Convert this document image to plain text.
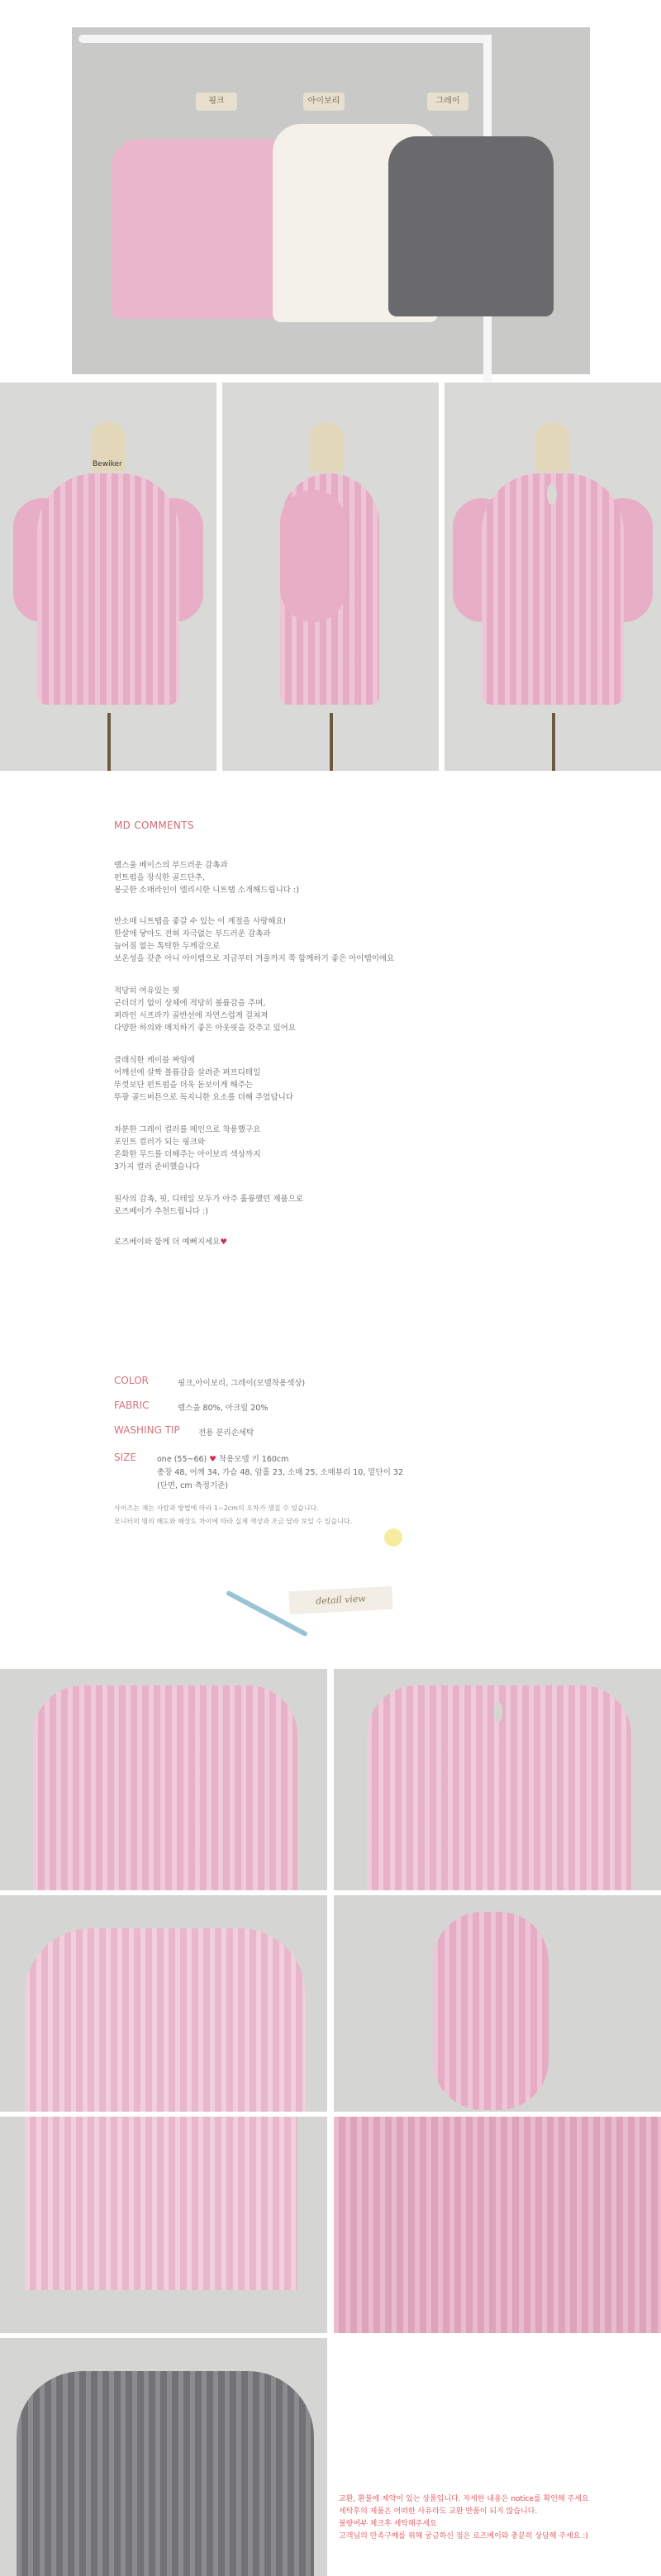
핑크	아이보리	그레이
Bewiker
MD COMMENTS
램스울 베이스의 부드러운 감촉과
펀트펌을 장식한 골드단추,
봉긋한 소매라인이 엘리시한 니트탭 소개해드립니다 :)
반소매 니트탭을 좋갈 수 있는 이 계절을 사랑해요!
한살에 닿아도 전혀 자극없는 부드러운 감촉과
늘어짐 없는 톡탁한 두께감으로
보온성을 갖춘 아니 아이템으로 지금부터 겨울까지 쭉 함께하기 좋은 아이템이에요
적당히 여유있는 핏
군더더기 없이 상체에 적당히 볼륨감을 주며,
퍼라인 시프라가 골반선에 자연스럽게 걸쳐져
다양한 하의와 매치하기 좋은 아웃핏을 갖추고 있어요
클래식한 케이블 짜임에
어깨선에 살짝 볼륨감을 살려준 퍼프디테일
뚜껏보단 펀트펌을 더욱 돋보이게 해주는
뚜광 골드버튼으로 독지니한 요소를 더해 주었답니다
차분한 그레이 컬러를 메인으로 착용했구요
포인트 컬러가 되는 핑크와
온화한 무드를 더해주는 아이보리 색상까지
3가지 컬러 준비했습니다
원사의 감촉, 핏, 디테일 모두가 아주 훌륭했던 제품으로
로즈베이가 추천드립니다 :)
로즈베이와 함께 더 예뻐지세요♥
COLOR	핑크,아이보리, 그레이(모델착용색상)
FABRIC	램스울 80%, 아크릴 20%
WASHING TIP 전용 분리손세탁
SIZE	one (55~66) ♥ 착용모델 키 160cm
총장 48, 어깨 34, 가슴 48, 암홀 23, 소매 25, 소매뷰리 10, 밑단이 32
(단면, cm 측정기준)
사이즈는 재는 사람과 방법에 따라 1~2cm의 오차가 생길 수 있습니다.
모니터의 명의 해도와 해상도 차이에 따라 실제 색상과 조금 달라 보일 수 있습니다.
detail view
교환, 환불에 제약이 있는 상품입니다. 자세한 내용은 notice를 확인해 주세요
세탁후의 제품은 어떠한 사유라도 교환 반품이 되지 않습니다.
불량여부 체크후 세탁해주세요
고객님의 만족구매를 위해 궁금하신 점은 로즈베이와 충분히 상담해 주세요 :)
